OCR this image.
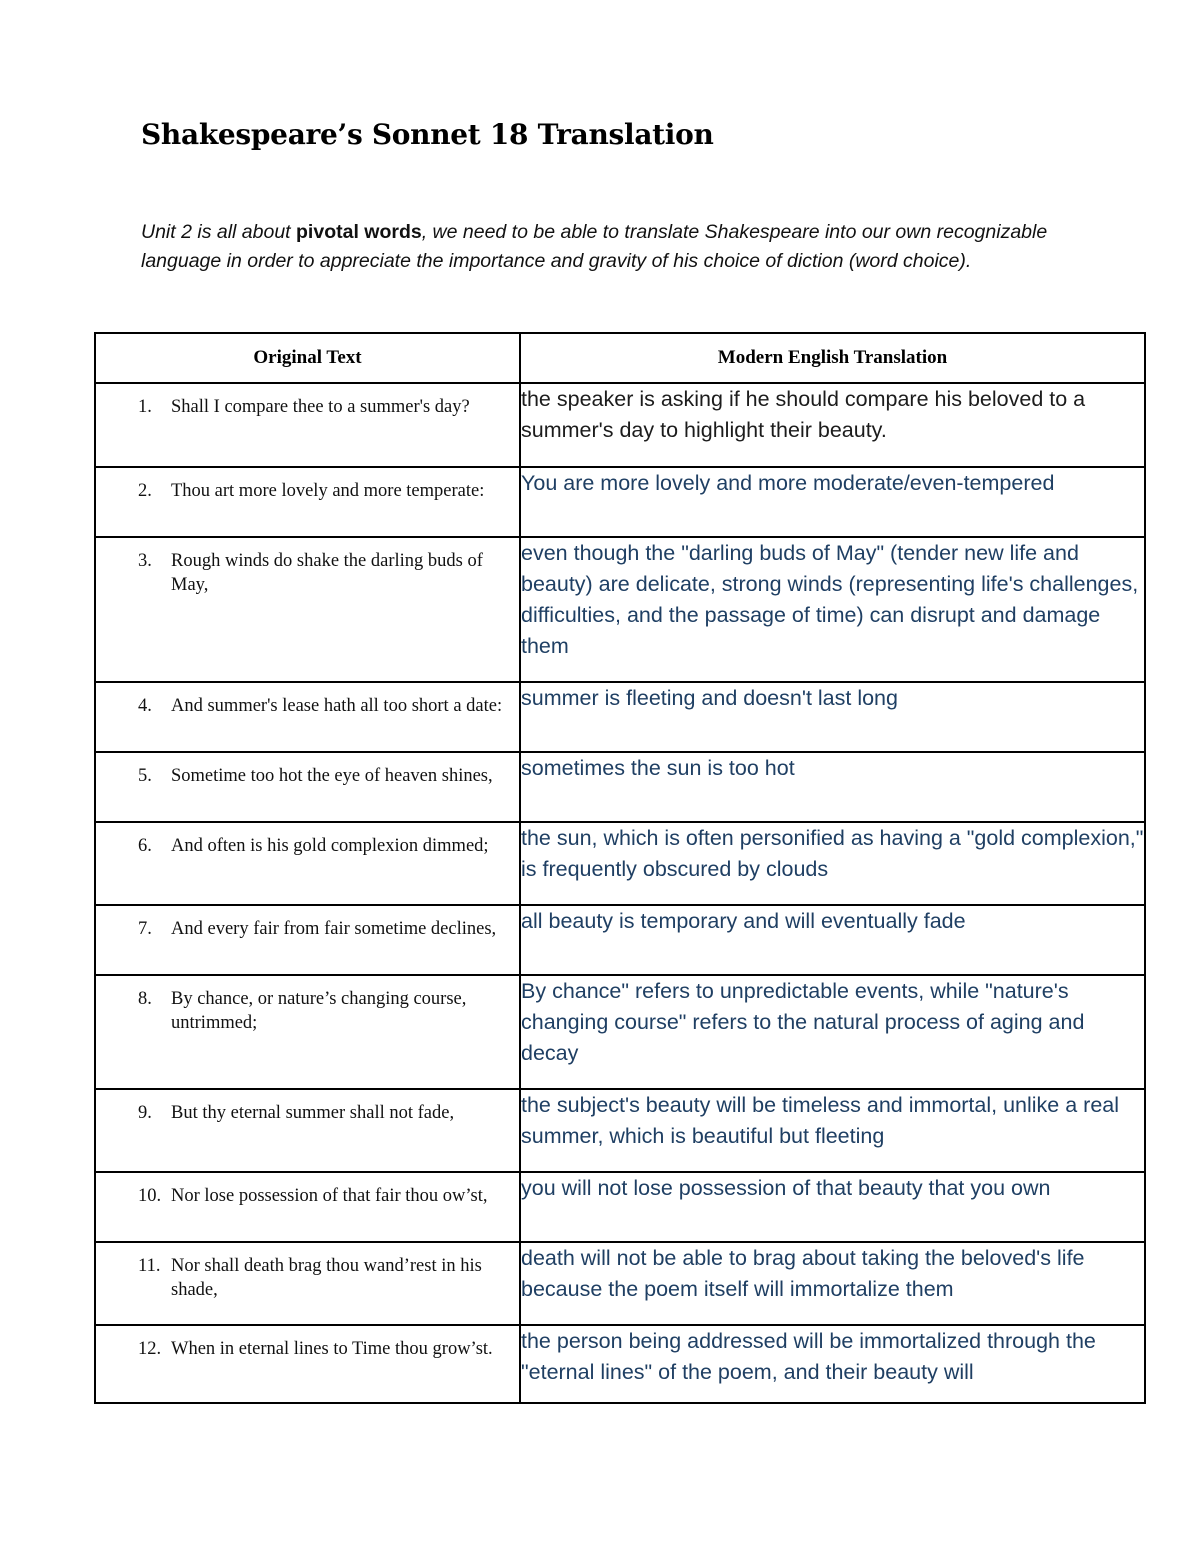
Shakespeare’s Sonnet 18 Translation

Unit 2 is all about pivotal words, we need to be able to translate Shakespeare into our own recognizable language in order to appreciate the importance and gravity of his choice of diction (word choice).

Original Text	Modern English Translation

1. Shall I compare thee to a summer's day?	the speaker is asking if he should compare his beloved to a summer's day to highlight their beauty.

2. Thou art more lovely and more temperate:	You are more lovely and more moderate/even-tempered

3. Rough winds do shake the darling buds of May,	even though the "darling buds of May" (tender new life and beauty) are delicate, strong winds (representing life's challenges, difficulties, and the passage of time) can disrupt and damage them

4. And summer's lease hath all too short a date:	summer is fleeting and doesn't last long

5. Sometime too hot the eye of heaven shines,	sometimes the sun is too hot

6. And often is his gold complexion dimmed;	the sun, which is often personified as having a "gold complexion," is frequently obscured by clouds

7. And every fair from fair sometime declines,	all beauty is temporary and will eventually fade

8. By chance, or nature’s changing course, untrimmed;	By chance" refers to unpredictable events, while "nature's changing course" refers to the natural process of aging and decay

9. But thy eternal summer shall not fade,	the subject's beauty will be timeless and immortal, unlike a real summer, which is beautiful but fleeting

10. Nor lose possession of that fair thou ow’st,	you will not lose possession of that beauty that you own

11. Nor shall death brag thou wand’rest in his shade,	death will not be able to brag about taking the beloved's life because the poem itself will immortalize them

12. When in eternal lines to Time thou grow’st.	the person being addressed will be immortalized through the "eternal lines" of the poem, and their beauty will
